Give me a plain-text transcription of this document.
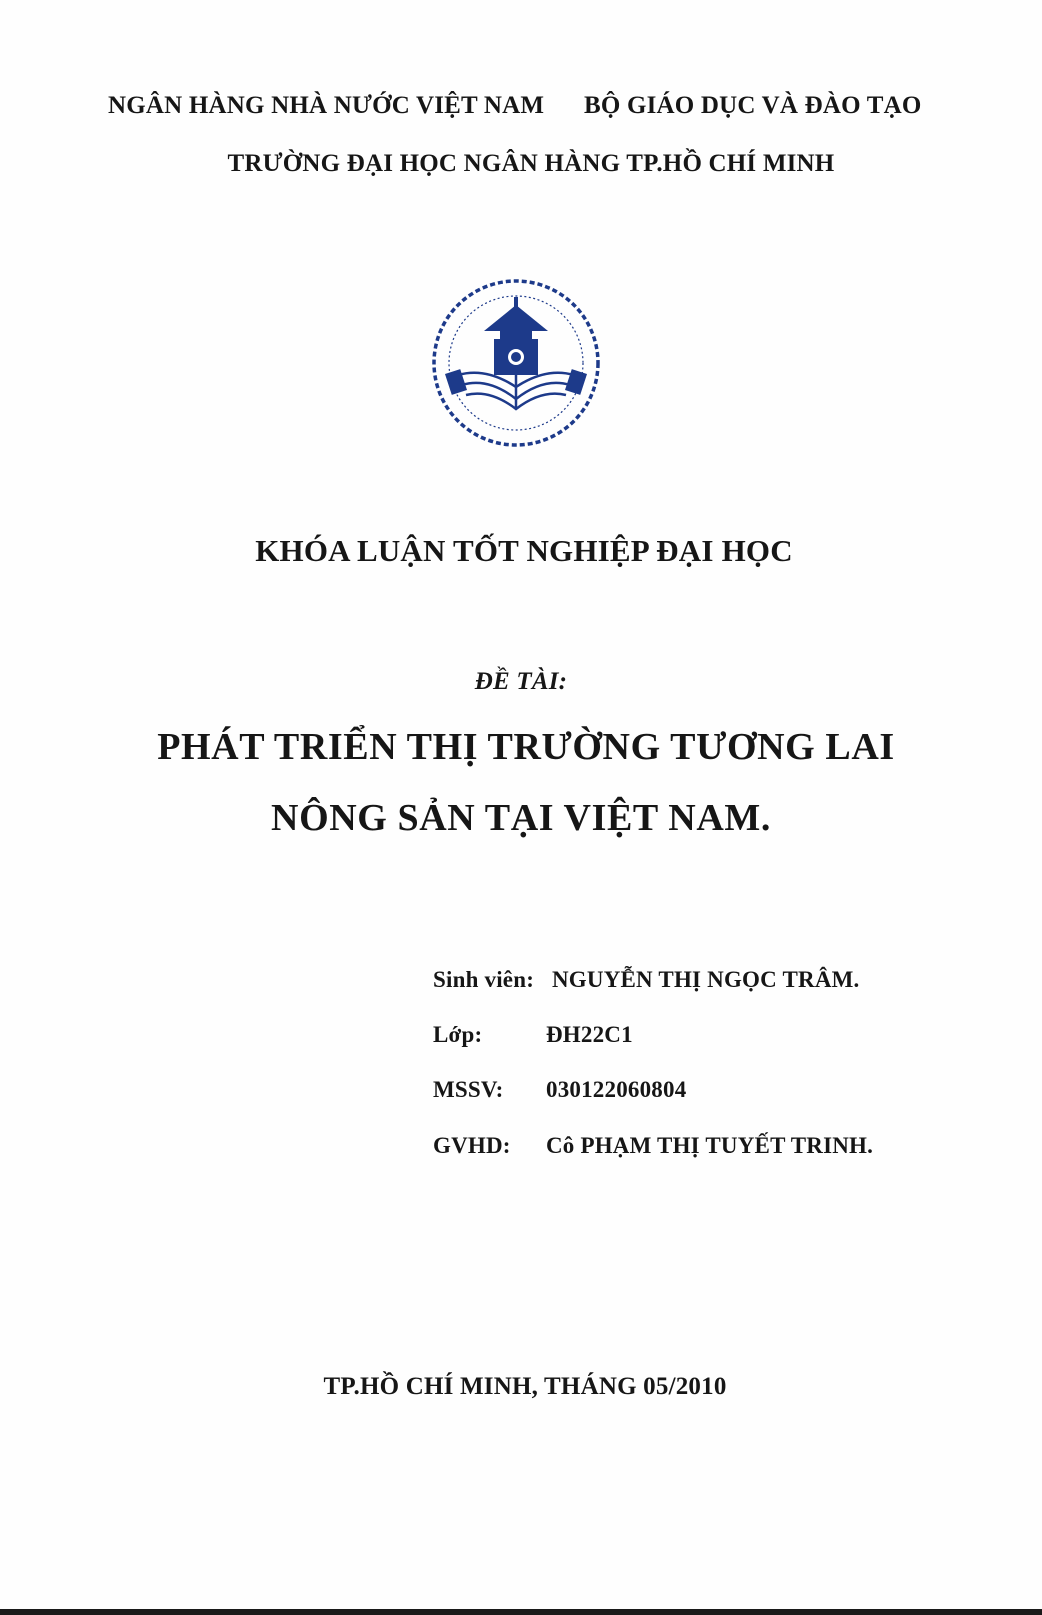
NGÂN HÀNG NHÀ NƯỚC VIỆT NAM BỘ GIÁO DỤC VÀ ĐÀO TẠO
TRƯỜNG ĐẠI HỌC NGÂN HÀNG TP.HỒ CHÍ MINH
KHÓA LUẬN TỐT NGHIỆP ĐẠI HỌC
ĐỀ TÀI:
PHÁT TRIỂN THỊ TRƯỜNG TƯƠNG LAI
NÔNG SẢN TẠI VIỆT NAM.
Sinh viên: NGUYỄN THỊ NGỌC TRÂM.
Lớp:	ĐH22C1
MSSV: 030122060804
GVHD: Cô PHẠM THỊ TUYẾT TRINH.
TP.HỒ CHÍ MINH, THÁNG 05/2010
